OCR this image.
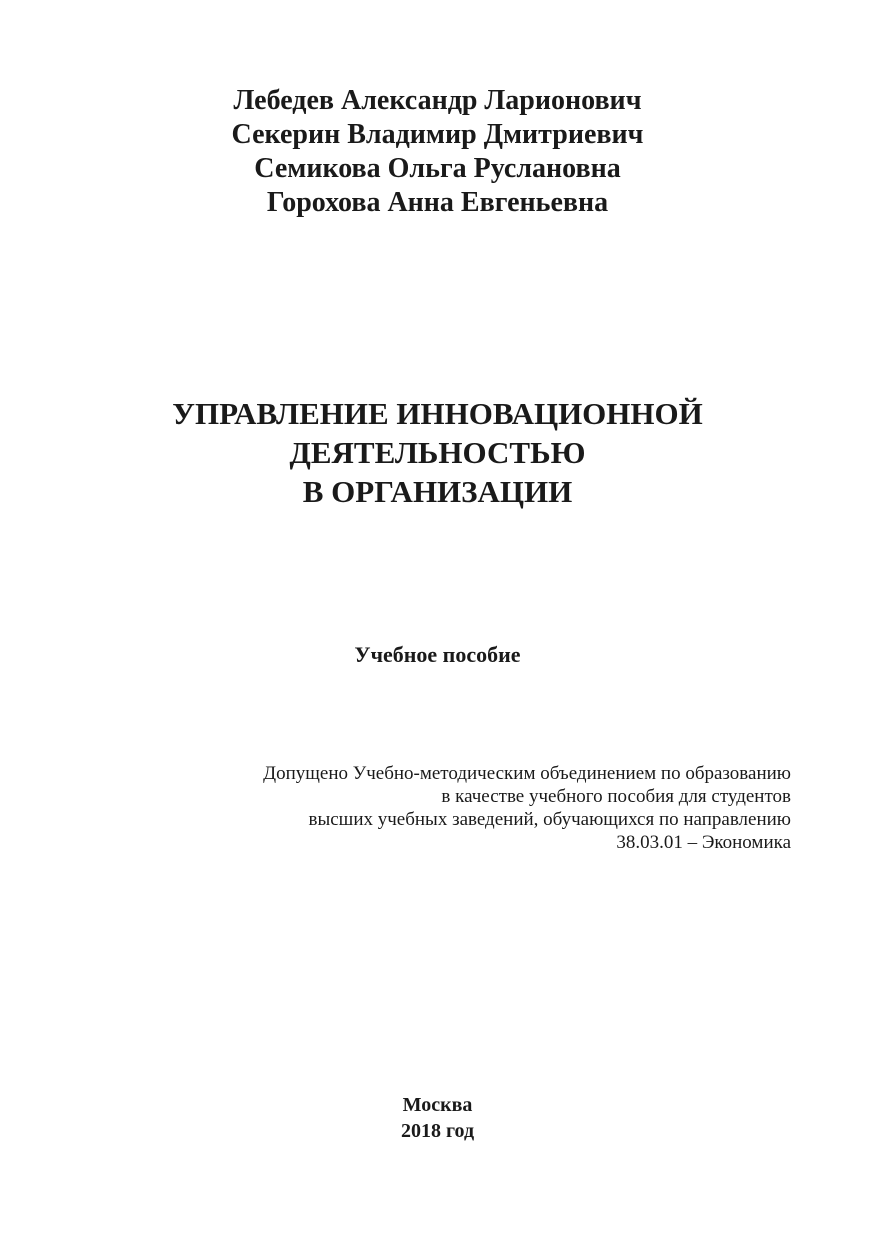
Лебедев Александр Ларионович
Секерин Владимир Дмитриевич
Семикова Ольга Руслановна
Горохова Анна Евгеньевна
УПРАВЛЕНИЕ ИННОВАЦИОННОЙ
ДЕЯТЕЛЬНОСТЬЮ
В ОРГАНИЗАЦИИ
Учебное пособие
Допущено Учебно-методическим объединением по образованию
в качестве учебного пособия для студентов
высших учебных заведений, обучающихся по направлению
38.03.01 – Экономика
Москва
2018 год
